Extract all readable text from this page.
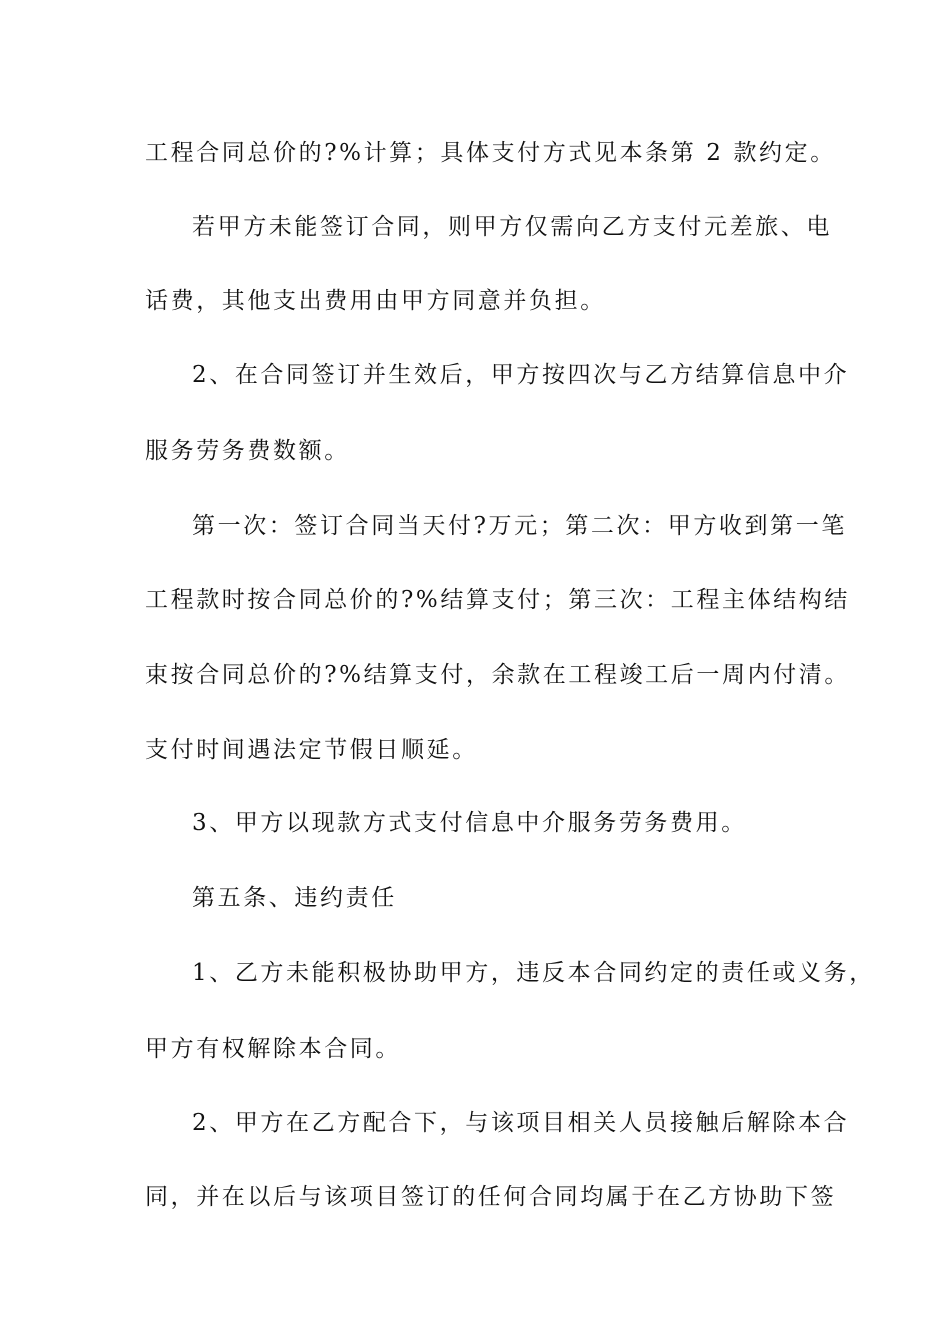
工程合同总价的?%计算；具体支付方式见本条第 2 款约定。
若甲方未能签订合同，则甲方仅需向乙方支付元差旅、电
话费，其他支出费用由甲方同意并负担。
2、在合同签订并生效后，甲方按四次与乙方结算信息中介
服务劳务费数额。
第一次：签订合同当天付?万元；第二次：甲方收到第一笔
工程款时按合同总价的?%结算支付；第三次：工程主体结构结
束按合同总价的?%结算支付，余款在工程竣工后一周内付清。
支付时间遇法定节假日顺延。
3、甲方以现款方式支付信息中介服务劳务费用。
第五条、违约责任
1、乙方未能积极协助甲方，违反本合同约定的责任或义务，
甲方有权解除本合同。
2、甲方在乙方配合下，与该项目相关人员接触后解除本合
同，并在以后与该项目签订的任何合同均属于在乙方协助下签
